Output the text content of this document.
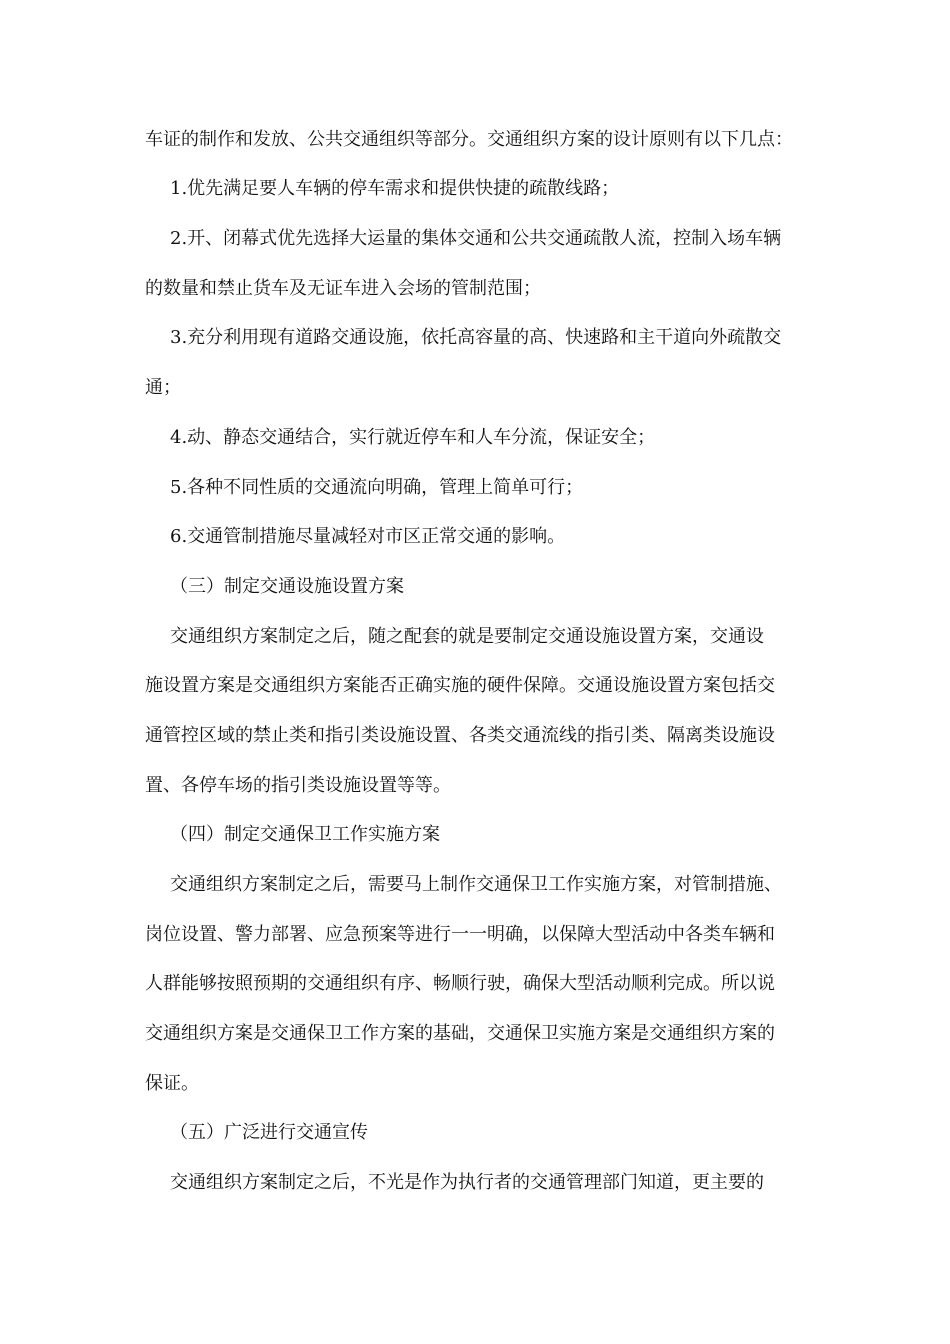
车证的制作和发放、公共交通组织等部分。交通组织方案的设计原则有以下几点：
1.优先满足要人车辆的停车需求和提供快捷的疏散线路；
2.开、闭幕式优先选择大运量的集体交通和公共交通疏散人流，控制入场车辆
的数量和禁止货车及无证车进入会场的管制范围；
3.充分利用现有道路交通设施，依托高容量的高、快速路和主干道向外疏散交
通；
4.动、静态交通结合，实行就近停车和人车分流，保证安全；
5.各种不同性质的交通流向明确，管理上简单可行；
6.交通管制措施尽量减轻对市区正常交通的影响。
（三）制定交通设施设置方案
交通组织方案制定之后，随之配套的就是要制定交通设施设置方案，交通设
施设置方案是交通组织方案能否正确实施的硬件保障。交通设施设置方案包括交
通管控区域的禁止类和指引类设施设置、各类交通流线的指引类、隔离类设施设
置、各停车场的指引类设施设置等等。
（四）制定交通保卫工作实施方案
交通组织方案制定之后，需要马上制作交通保卫工作实施方案，对管制措施、
岗位设置、警力部署、应急预案等进行一一明确，以保障大型活动中各类车辆和
人群能够按照预期的交通组织有序、畅顺行驶，确保大型活动顺利完成。所以说
交通组织方案是交通保卫工作方案的基础，交通保卫实施方案是交通组织方案的
保证。
（五）广泛进行交通宣传
交通组织方案制定之后，不光是作为执行者的交通管理部门知道，更主要的
